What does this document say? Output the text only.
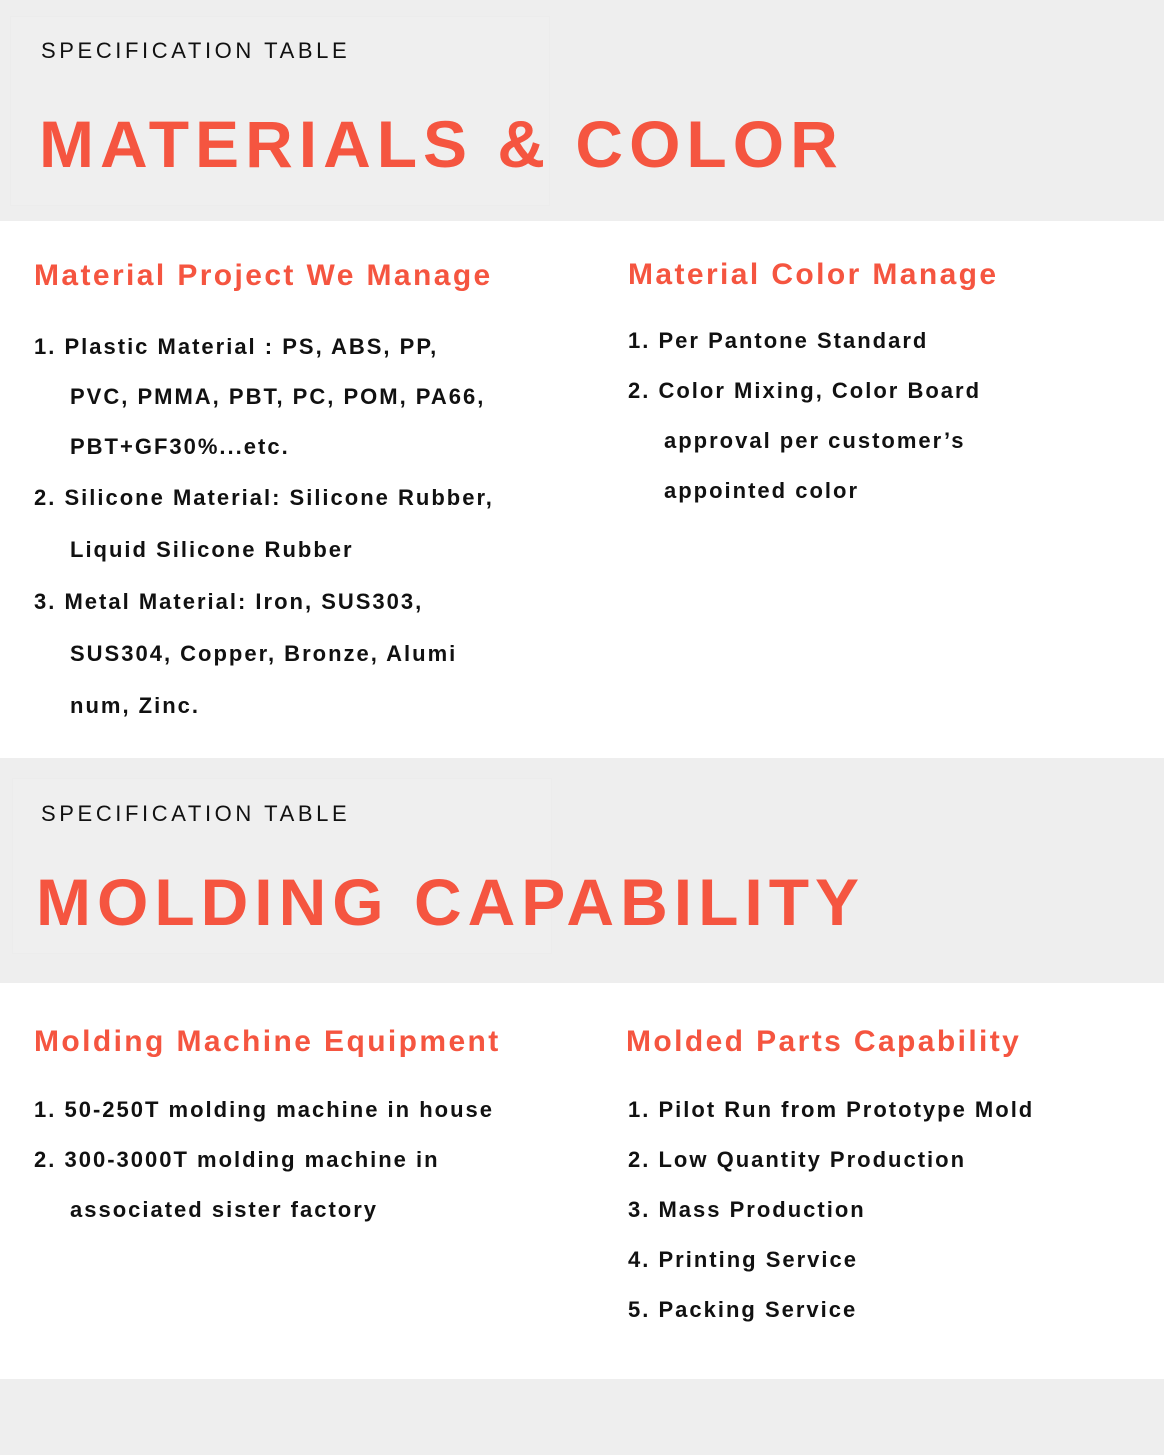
SPECIFICATION TABLE
MATERIALS & COLOR
Material Project We Manage
1. Plastic Material : PS, ABS, PP,
PVC, PMMA, PBT, PC, POM, PA66,
PBT+GF30%...etc.
2. Silicone Material: Silicone Rubber,
Liquid Silicone Rubber
3. Metal Material: Iron, SUS303,
SUS304, Copper, Bronze, Alumi
num, Zinc.
Material Color Manage
1. Per Pantone Standard
2. Color Mixing, Color Board
approval per customer’s
appointed color
SPECIFICATION TABLE
MOLDING CAPABILITY
Molding Machine Equipment
1. 50-250T molding machine in house
2. 300-3000T molding machine in
associated sister factory
Molded Parts Capability
1. Pilot Run from Prototype Mold
2. Low Quantity Production
3. Mass Production
4. Printing Service
5. Packing Service
